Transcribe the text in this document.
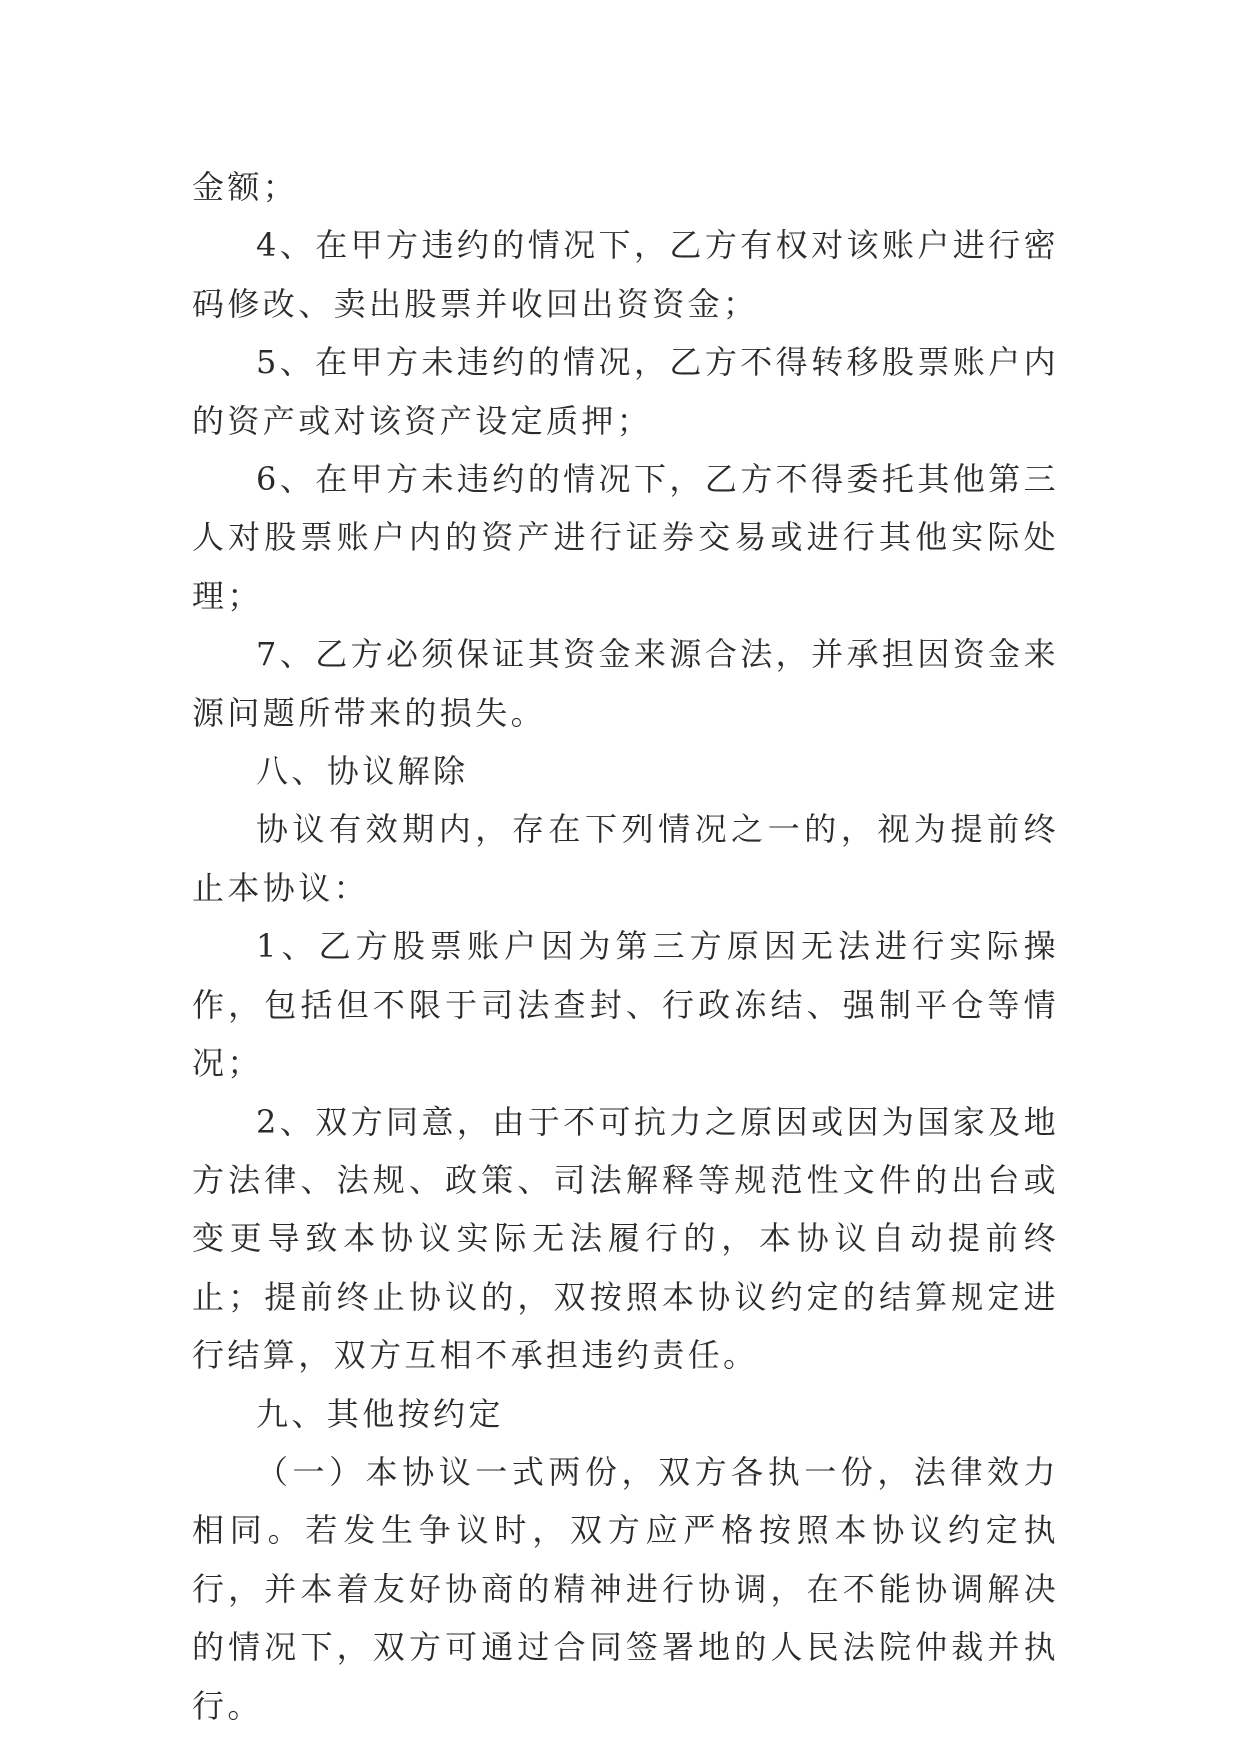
金额；

4、在甲方违约的情况下，乙方有权对该账户进行密码修改、卖出股票并收回出资资金；

5、在甲方未违约的情况，乙方不得转移股票账户内的资产或对该资产设定质押；

6、在甲方未违约的情况下，乙方不得委托其他第三人对股票账户内的资产进行证券交易或进行其他实际处理；

7、乙方必须保证其资金来源合法，并承担因资金来源问题所带来的损失。

八、协议解除

协议有效期内，存在下列情况之一的，视为提前终止本协议：

1、乙方股票账户因为第三方原因无法进行实际操作，包括但不限于司法查封、行政冻结、强制平仓等情况；

2、双方同意，由于不可抗力之原因或因为国家及地方法律、法规、政策、司法解释等规范性文件的出台或变更导致本协议实际无法履行的，本协议自动提前终止；提前终止协议的，双按照本协议约定的结算规定进行结算，双方互相不承担违约责任。

九、其他按约定

（一）本协议一式两份，双方各执一份，法律效力相同。若发生争议时，双方应严格按照本协议约定执行，并本着友好协商的精神进行协调，在不能协调解决的情况下，双方可通过合同签署地的人民法院仲裁并执行。
